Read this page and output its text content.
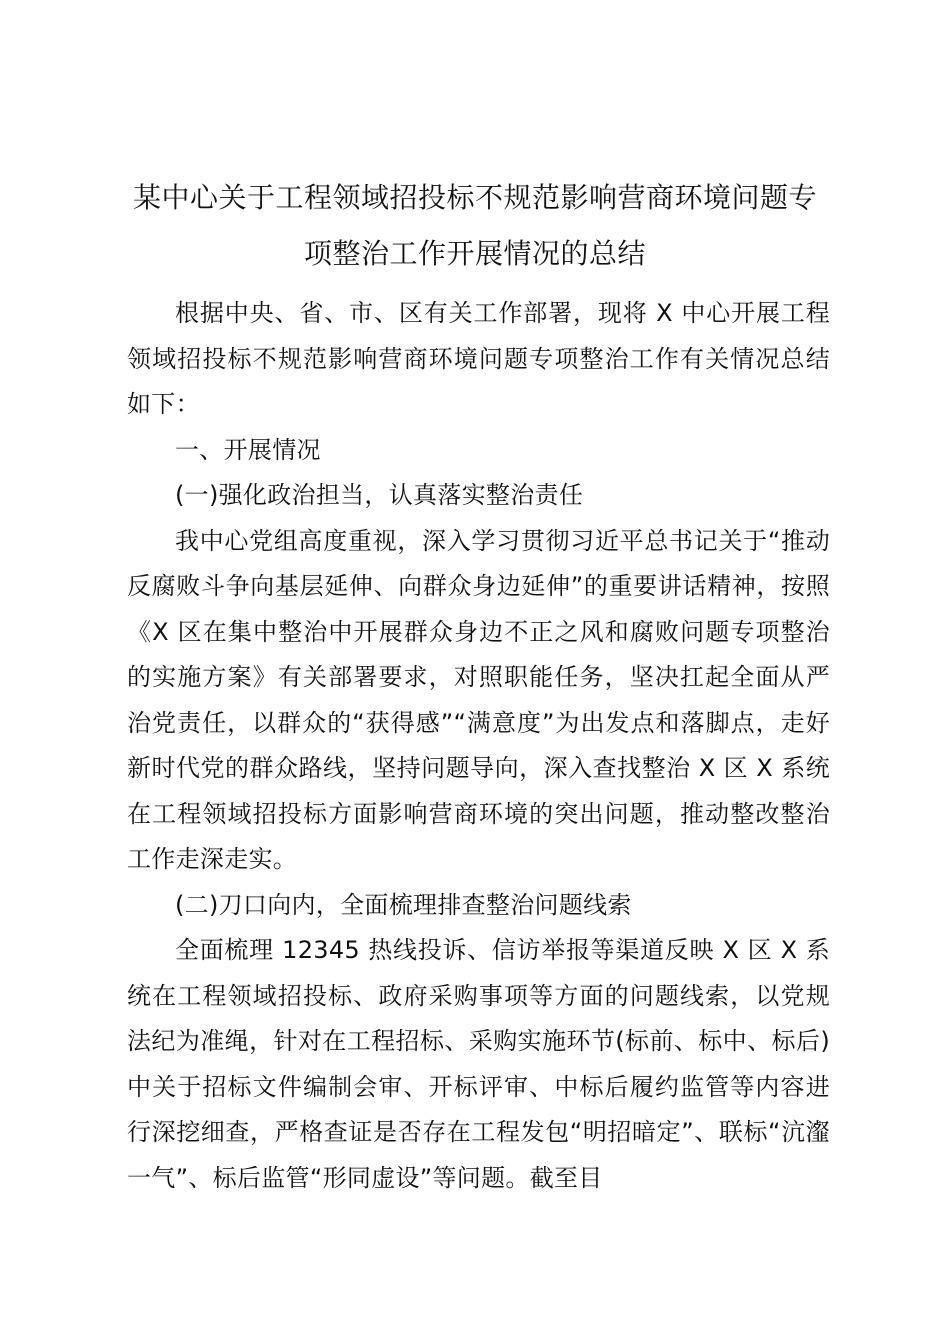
某中心关于工程领域招投标不规范影响营商环境问题专项整治工作开展情况的总结

根据中央、省、市、区有关工作部署，现将 X 中心开展工程领域招投标不规范影响营商环境问题专项整治工作有关情况总结如下：

一、开展情况

(一)强化政治担当，认真落实整治责任

我中心党组高度重视，深入学习贯彻习近平总书记关于“推动反腐败斗争向基层延伸、向群众身边延伸”的重要讲话精神，按照《X 区在集中整治中开展群众身边不正之风和腐败问题专项整治的实施方案》有关部署要求，对照职能任务，坚决扛起全面从严治党责任，以群众的“获得感”“满意度”为出发点和落脚点，走好新时代党的群众路线，坚持问题导向，深入查找整治 X 区 X 系统在工程领域招投标方面影响营商环境的突出问题，推动整改整治工作走深走实。

(二)刀口向内，全面梳理排查整治问题线索

全面梳理 12345 热线投诉、信访举报等渠道反映 X 区 X 系统在工程领域招投标、政府采购事项等方面的问题线索，以党规法纪为准绳，针对在工程招标、采购实施环节(标前、标中、标后)中关于招标文件编制会审、开标评审、中标后履约监管等内容进行深挖细查，严格查证是否存在工程发包“明招暗定”、联标“沆瀣一气”、标后监管“形同虚设”等问题。截至目
